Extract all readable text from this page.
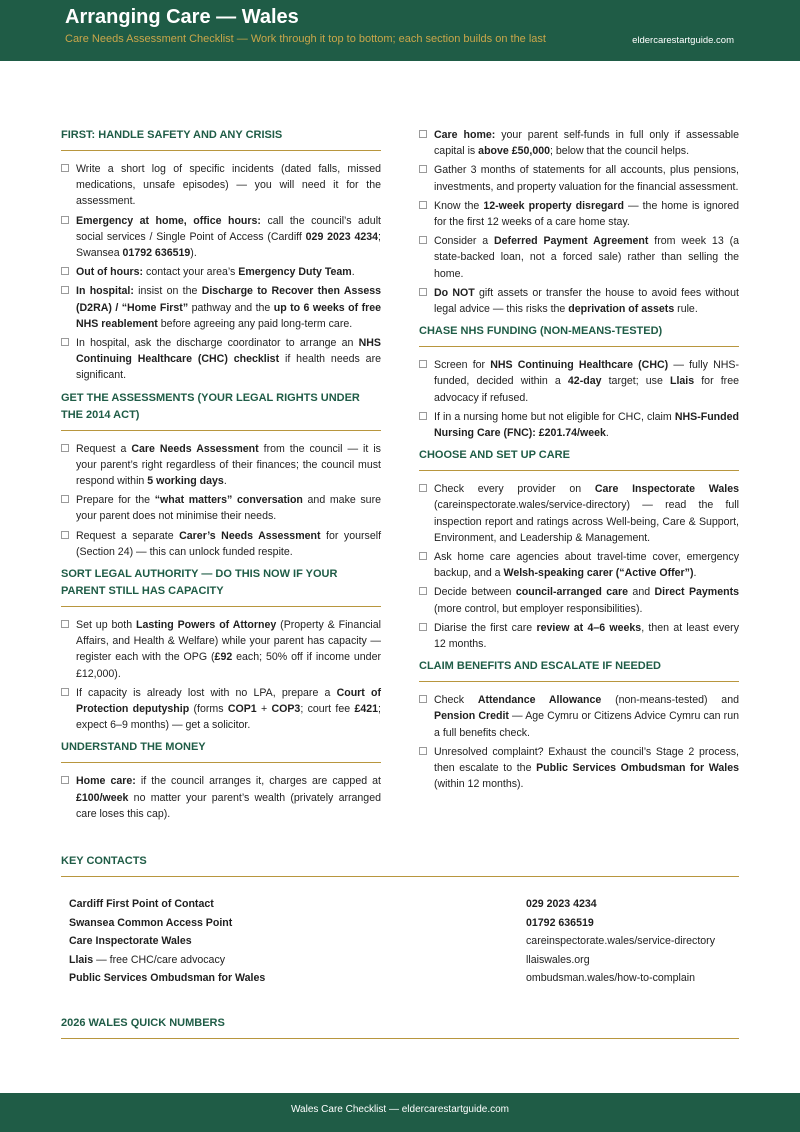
Arranging Care — Wales
Care Needs Assessment Checklist — Work through it top to bottom; each section builds on the last	eldercarestartguide.com
FIRST: HANDLE SAFETY AND ANY CRISIS
Write a short log of specific incidents (dated falls, missed medications, unsafe episodes) — you will need it for the assessment.
Emergency at home, office hours: call the council’s adult social services / Single Point of Access (Cardiff 029 2023 4234; Swansea 01792 636519).
Out of hours: contact your area’s Emergency Duty Team.
In hospital: insist on the Discharge to Recover then Assess (D2RA) / “Home First” pathway and the up to 6 weeks of free NHS reablement before agreeing any paid long-term care.
In hospital, ask the discharge coordinator to arrange an NHS Continuing Healthcare (CHC) checklist if health needs are significant.
GET THE ASSESSMENTS (YOUR LEGAL RIGHTS UNDER THE 2014 ACT)
Request a Care Needs Assessment from the council — it is your parent’s right regardless of their finances; the council must respond within 5 working days.
Prepare for the “what matters” conversation and make sure your parent does not minimise their needs.
Request a separate Carer’s Needs Assessment for yourself (Section 24) — this can unlock funded respite.
SORT LEGAL AUTHORITY — DO THIS NOW IF YOUR PARENT STILL HAS CAPACITY
Set up both Lasting Powers of Attorney (Property & Financial Affairs, and Health & Welfare) while your parent has capacity — register each with the OPG (£92 each; 50% off if income under £12,000).
If capacity is already lost with no LPA, prepare a Court of Protection deputyship (forms COP1 + COP3; court fee £421; expect 6–9 months) — get a solicitor.
UNDERSTAND THE MONEY
Home care: if the council arranges it, charges are capped at £100/week no matter your parent’s wealth (privately arranged care loses this cap).
Care home: your parent self-funds in full only if assessable capital is above £50,000; below that the council helps.
Gather 3 months of statements for all accounts, plus pensions, investments, and property valuation for the financial assessment.
Know the 12-week property disregard — the home is ignored for the first 12 weeks of a care home stay.
Consider a Deferred Payment Agreement from week 13 (a state-backed loan, not a forced sale) rather than selling the home.
Do NOT gift assets or transfer the house to avoid fees without legal advice — this risks the deprivation of assets rule.
CHASE NHS FUNDING (NON-MEANS-TESTED)
Screen for NHS Continuing Healthcare (CHC) — fully NHS-funded, decided within a 42-day target; use Llais for free advocacy if refused.
If in a nursing home but not eligible for CHC, claim NHS-Funded Nursing Care (FNC): £201.74/week.
CHOOSE AND SET UP CARE
Check every provider on Care Inspectorate Wales (careinspectorate.wales/service-directory) — read the full inspection report and ratings across Well-being, Care & Support, Environment, and Leadership & Management.
Ask home care agencies about travel-time cover, emergency backup, and a Welsh-speaking carer (“Active Offer”).
Decide between council-arranged care and Direct Payments (more control, but employer responsibilities).
Diarise the first care review at 4–6 weeks, then at least every 12 months.
CLAIM BENEFITS AND ESCALATE IF NEEDED
Check Attendance Allowance (non-means-tested) and Pension Credit — Age Cymru or Citizens Advice Cymru can run a full benefits check.
Unresolved complaint? Exhaust the council’s Stage 2 process, then escalate to the Public Services Ombudsman for Wales (within 12 months).
KEY CONTACTS
Cardiff First Point of Contact	029 2023 4234
Swansea Common Access Point	01792 636519
Care Inspectorate Wales	careinspectorate.wales/service-directory
Llais — free CHC/care advocacy	llaiswales.org
Public Services Ombudsman for Wales	ombudsman.wales/how-to-complain
2026 WALES QUICK NUMBERS
Wales Care Checklist — eldercarestartguide.com
